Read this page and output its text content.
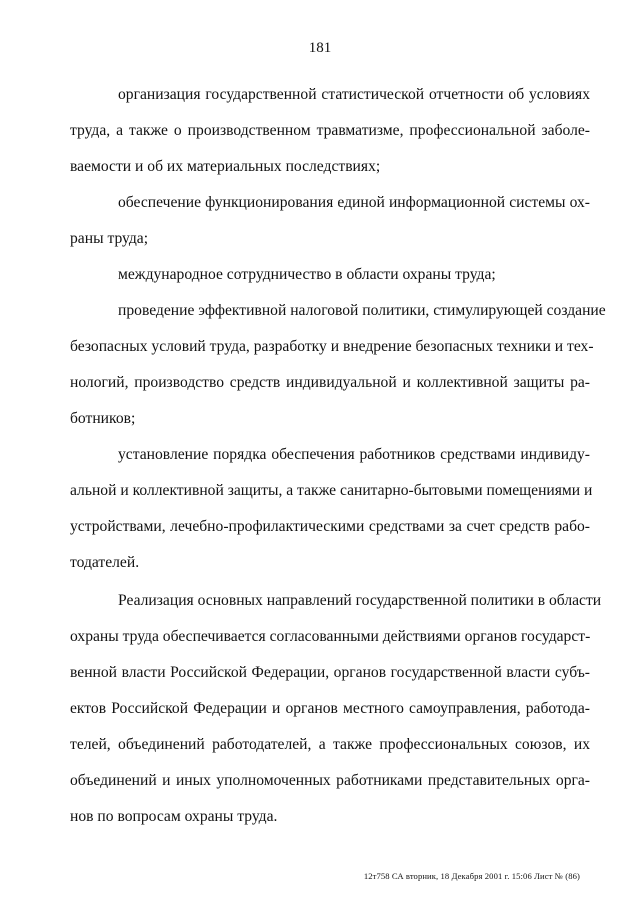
181
организация государственной статистической отчетности об условиях
труда, а также о производственном травматизме, профессиональной заболе-
ваемости и об их материальных последствиях;
обеспечение функционирования единой информационной системы ох-
раны труда;
международное сотрудничество в области охраны труда;
проведение эффективной налоговой политики, стимулирующей создание
безопасных условий труда, разработку и внедрение безопасных техники и тех-
нологий, производство средств индивидуальной и коллективной защиты ра-
ботников;
установление порядка обеспечения работников средствами индивиду-
альной и коллективной защиты, а также санитарно-бытовыми помещениями и
устройствами, лечебно-профилактическими средствами за счет средств рабо-
тодателей.
Реализация основных направлений государственной политики в области
охраны труда обеспечивается согласованными действиями органов государст-
венной власти Российской Федерации, органов государственной власти субъ-
ектов Российской Федерации и органов местного самоуправления, работода-
телей, объединений работодателей, а также профессиональных союзов, их
объединений и иных уполномоченных работниками представительных орга-
нов по вопросам охраны труда.
12т758 СА вторник, 18 Декабря 2001 г. 15:06 Лист № (86)
